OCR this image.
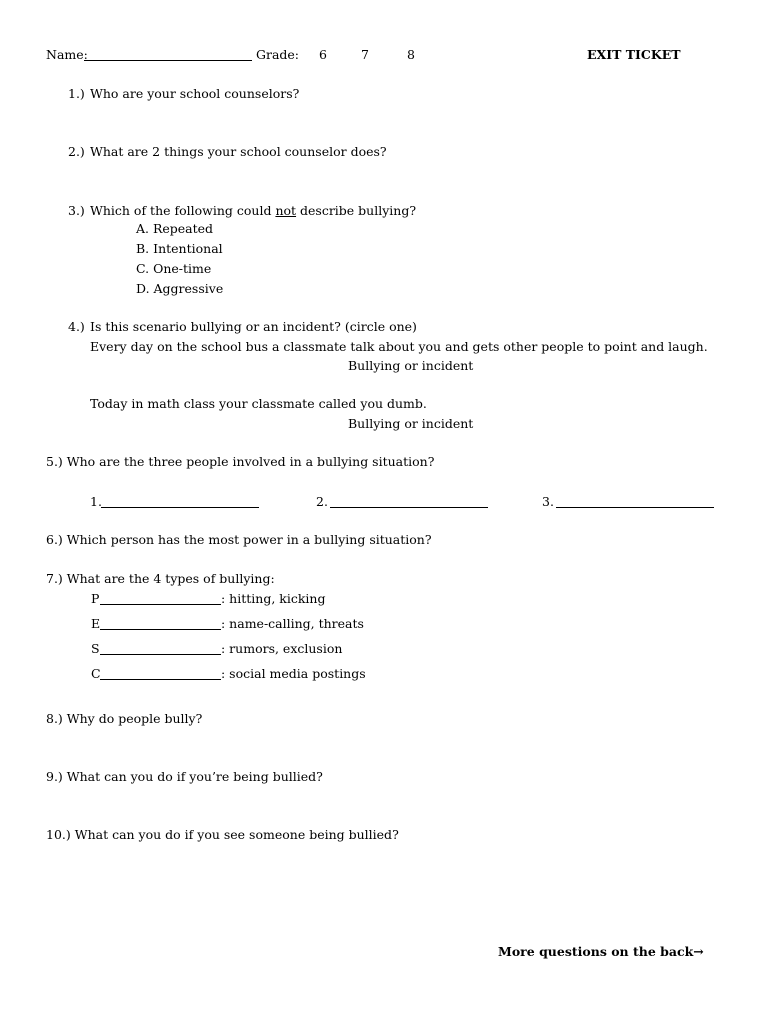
Name:	Grade: 6	7	8	EXIT TICKET
1.) Who are your school counselors?
2.) What are 2 things your school counselor does?
3.) Which of the following could not describe bullying?
A. Repeated
B. Intentional
C. One-time
D. Aggressive
4.) Is this scenario bullying or an incident? (circle one)
Every day on the school bus a classmate talk about you and gets other people to point and laugh.
Bullying or incident
Today in math class your classmate called you dumb.
Bullying or incident
5.) Who are the three people involved in a bullying situation?
1.	2.	3.
6.) Which person has the most power in a bullying situation?
7.) What are the 4 types of bullying:
P	: hitting, kicking
E	: name-calling, threats
S	: rumors, exclusion
C	: social media postings
8.) Why do people bully?
9.) What can you do if you’re being bullied?
10.) What can you do if you see someone being bullied?
More questions on the back→
